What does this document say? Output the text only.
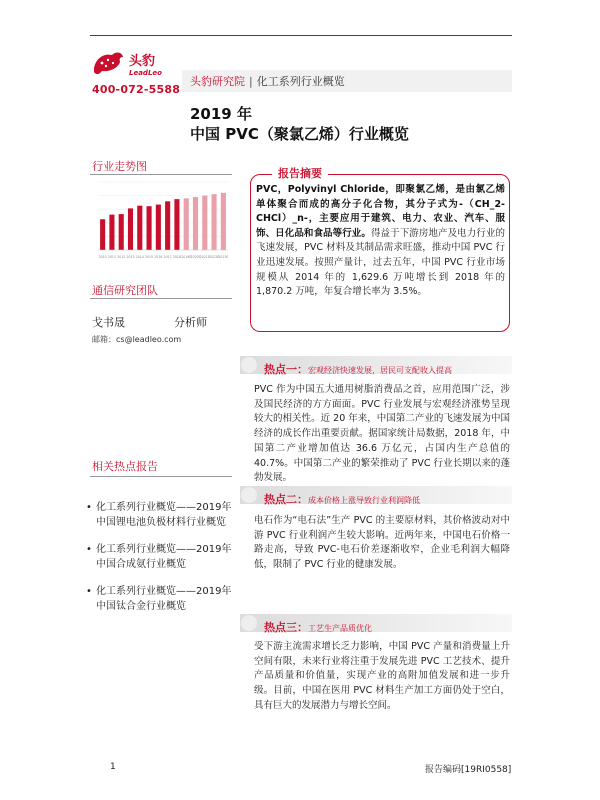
头豹
LeadLeo
400-072-5588
头豹研究院 | 化工系列行业概览
2019 年
中国 PVC（聚氯乙烯）行业概览
行业走势图
2010 2011 2012 2013 2014 2015 2016 2017 2018 2019E 2020E 2021E 2022E 2023E
通信研究团队
戈书晟	分析师
邮箱：cs@leadleo.com
相关热点报告
• 化工系列行业概览——2019年中国锂电池负极材料行业概览
• 化工系列行业概览——2019年中国合成氨行业概览
• 化工系列行业概览——2019年中国钛合金行业概览
报告摘要
PVC，Polyvinyl Chloride，即聚氯乙烯，是由氯乙烯单体聚合而成的高分子化合物，其分子式为-（CH_2-CHCl）_n-，主要应用于建筑、电力、农业、汽车、服饰、日化品和食品等行业。得益于下游房地产及电力行业的飞速发展，PVC 材料及其制品需求旺盛，推动中国 PVC 行业迅速发展。按照产量计，过去五年，中国 PVC 行业市场规模从 2014 年的 1,629.6 万吨增长到 2018 年的 1,870.2 万吨，年复合增长率为 3.5%。
热点一：宏观经济快速发展，居民可支配收入提高
PVC 作为中国五大通用树脂消费品之首，应用范围广泛，涉及国民经济的方方面面。PVC 行业发展与宏观经济涨势呈现较大的相关性。近 20 年来，中国第二产业的飞速发展为中国经济的成长作出重要贡献。据国家统计局数据，2018 年，中国第二产业增加值达 36.6 万亿元，占国内生产总值的 40.7%。中国第二产业的繁荣推动了 PVC 行业长期以来的蓬勃发展。
热点二：成本价格上涨导致行业利润降低
电石作为“电石法”生产 PVC 的主要原材料，其价格波动对中游 PVC 行业利润产生较大影响。近两年来，中国电石价格一路走高，导致 PVC-电石价差逐渐收窄，企业毛利润大幅降低，限制了 PVC 行业的健康发展。
热点三：工艺生产品质优化
受下游主流需求增长乏力影响，中国 PVC 产量和消费量上升空间有限，未来行业将注重于发展先进 PVC 工艺技术、提升产品质量和价值量，实现产业的高附加值发展和进一步升级。目前，中国在医用 PVC 材料生产加工方面仍处于空白，具有巨大的发展潜力与增长空间。
1	报告编码[19RI0558]
